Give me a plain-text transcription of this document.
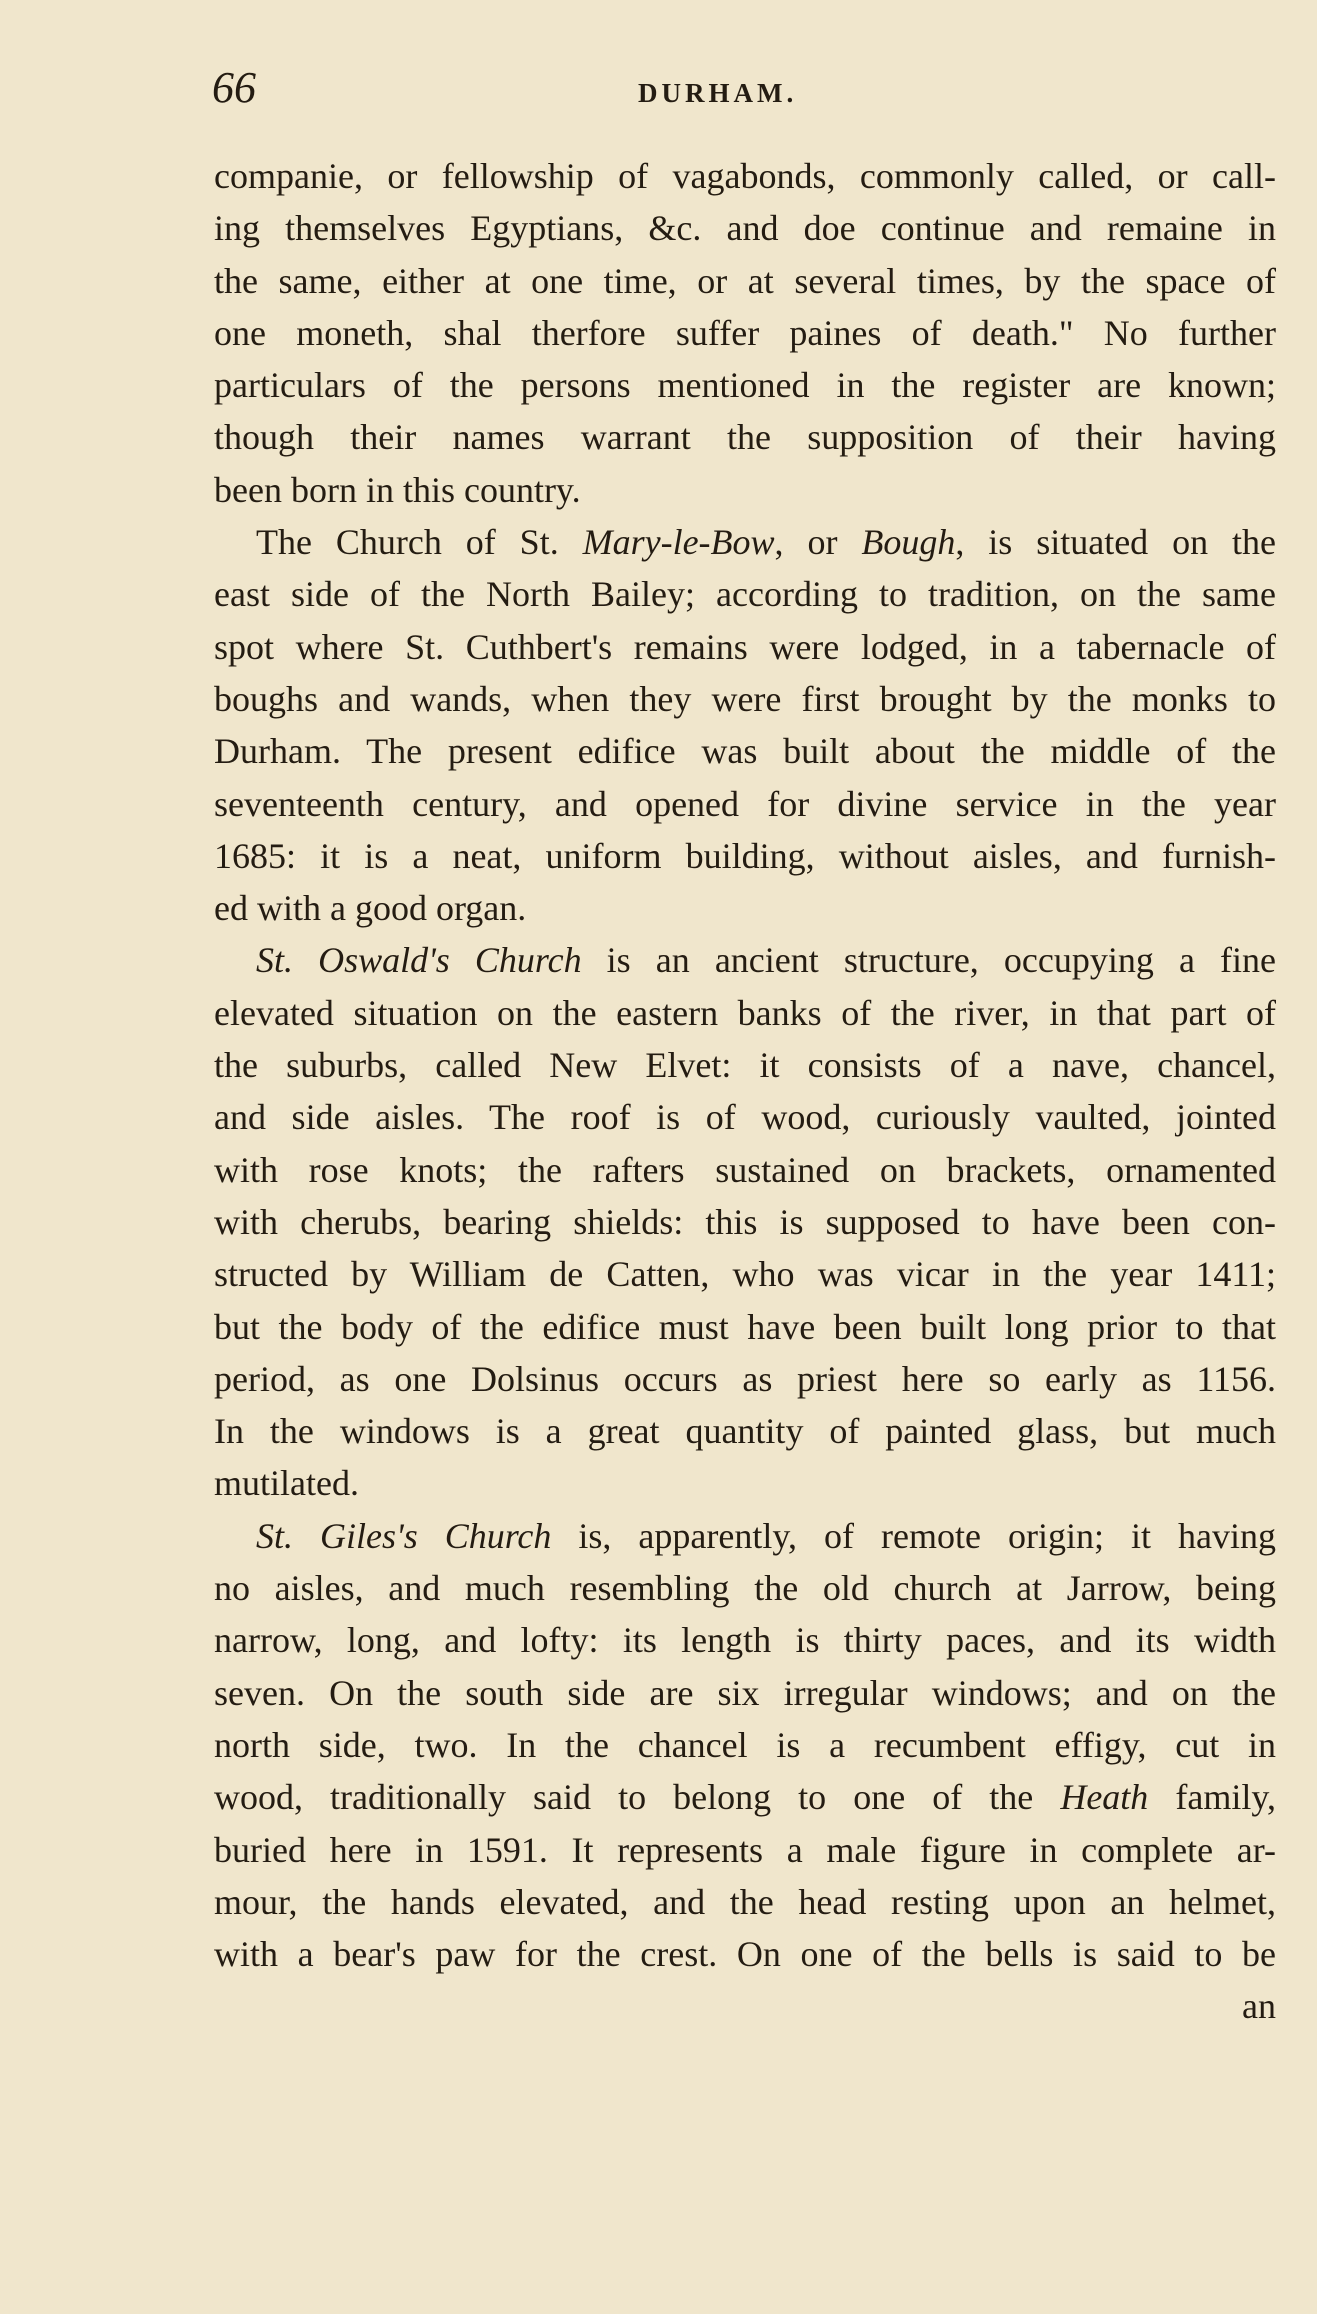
66	DURHAM.
companie, or fellowship of vagabonds, commonly called, or call-
ing themselves Egyptians, &c. and doe continue and remaine in
the same, either at one time, or at several times, by the space of
one moneth, shal therfore suffer paines of death." No further
particulars of the persons mentioned in the register are known;
though their names warrant the supposition of their having
been born in this country.
The Church of St. Mary-le-Bow, or Bough, is situated on the
east side of the North Bailey; according to tradition, on the same
spot where St. Cuthbert's remains were lodged, in a tabernacle of
boughs and wands, when they were first brought by the monks to
Durham. The present edifice was built about the middle of the
seventeenth century, and opened for divine service in the year
1685: it is a neat, uniform building, without aisles, and furnish-
ed with a good organ.
St. Oswald's Church is an ancient structure, occupying a fine
elevated situation on the eastern banks of the river, in that part of
the suburbs, called New Elvet: it consists of a nave, chancel,
and side aisles. The roof is of wood, curiously vaulted, jointed
with rose knots; the rafters sustained on brackets, ornamented
with cherubs, bearing shields: this is supposed to have been con-
structed by William de Catten, who was vicar in the year 1411;
but the body of the edifice must have been built long prior to that
period, as one Dolsinus occurs as priest here so early as 1156.
In the windows is a great quantity of painted glass, but much
mutilated.
St. Giles's Church is, apparently, of remote origin; it having
no aisles, and much resembling the old church at Jarrow, being
narrow, long, and lofty: its length is thirty paces, and its width
seven. On the south side are six irregular windows; and on the
north side, two. In the chancel is a recumbent effigy, cut in
wood, traditionally said to belong to one of the Heath family,
buried here in 1591. It represents a male figure in complete ar-
mour, the hands elevated, and the head resting upon an helmet,
with a bear's paw for the crest. On one of the bells is said to be
an
